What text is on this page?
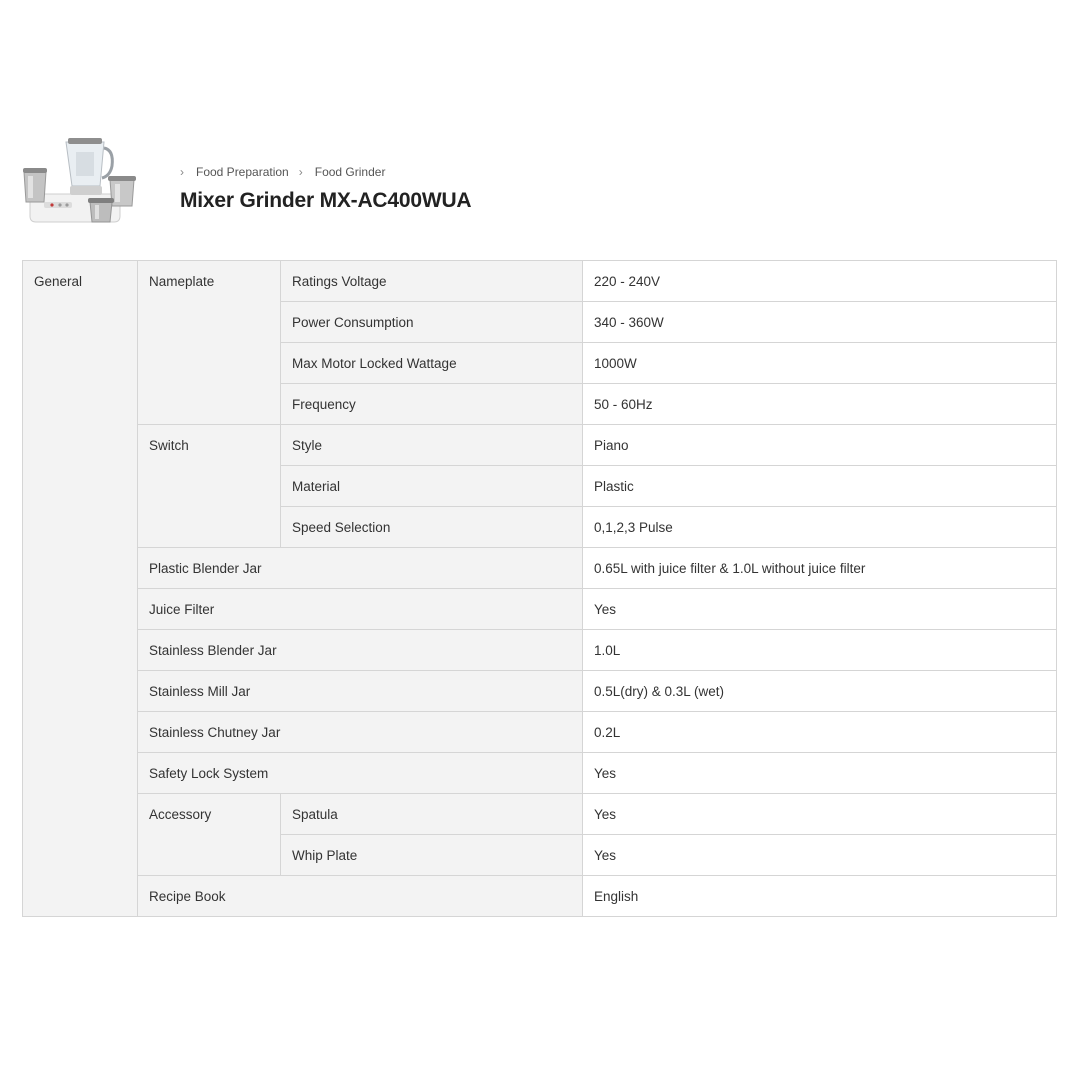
›	Food Preparation ›	Food Grinder
Mixer Grinder MX-AC400WUA
General	Nameplate	Ratings Voltage	220 - 240V
		Power Consumption	340 - 360W
		Max Motor Locked Wattage	1000W
		Frequency	50 - 60Hz
	Switch	Style	Piano
		Material	Plastic
		Speed Selection	0,1,2,3 Pulse
	Plastic Blender Jar		0.65L with juice filter & 1.0L without juice filter
	Juice Filter		Yes
	Stainless Blender Jar		1.0L
	Stainless Mill Jar		0.5L(dry) & 0.3L (wet)
	Stainless Chutney Jar		0.2L
	Safety Lock System		Yes
	Accessory	Spatula	Yes
		Whip Plate	Yes
	Recipe Book		English
